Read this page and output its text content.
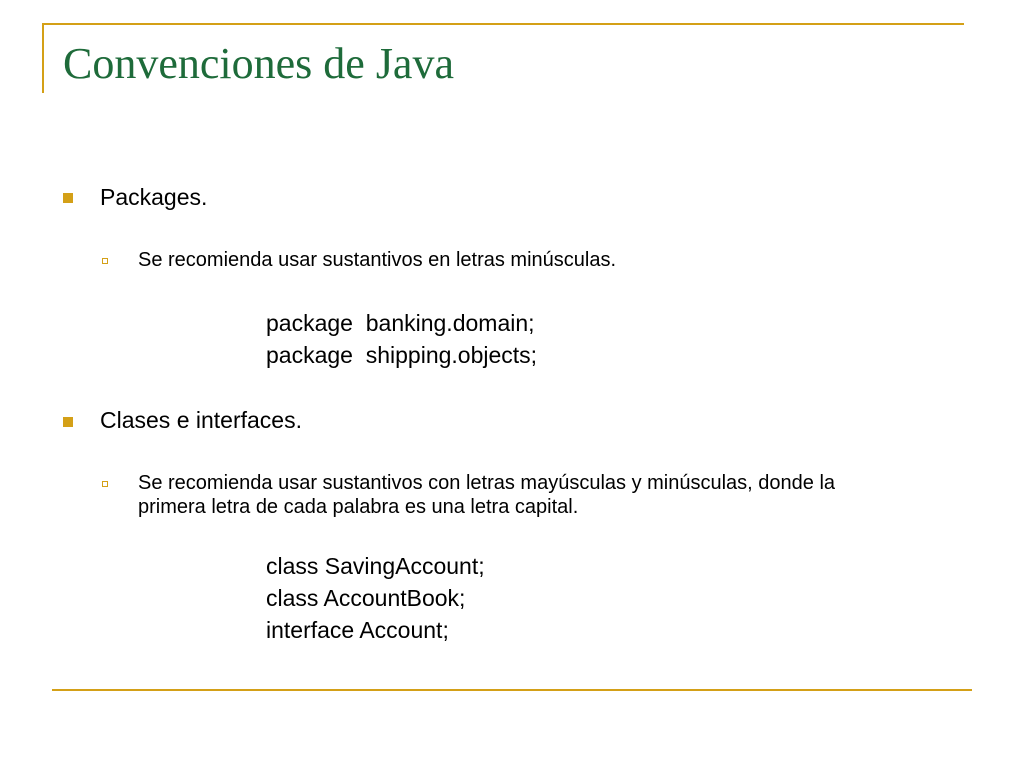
Convenciones de Java
Packages.
Se recomienda usar sustantivos en letras minúsculas.
package  banking.domain;
package  shipping.objects;
Clases e interfaces.
Se recomienda usar sustantivos con letras mayúsculas y minúsculas, donde la primera letra de cada palabra es una letra capital.
class SavingAccount;
class AccountBook;
interface Account;
